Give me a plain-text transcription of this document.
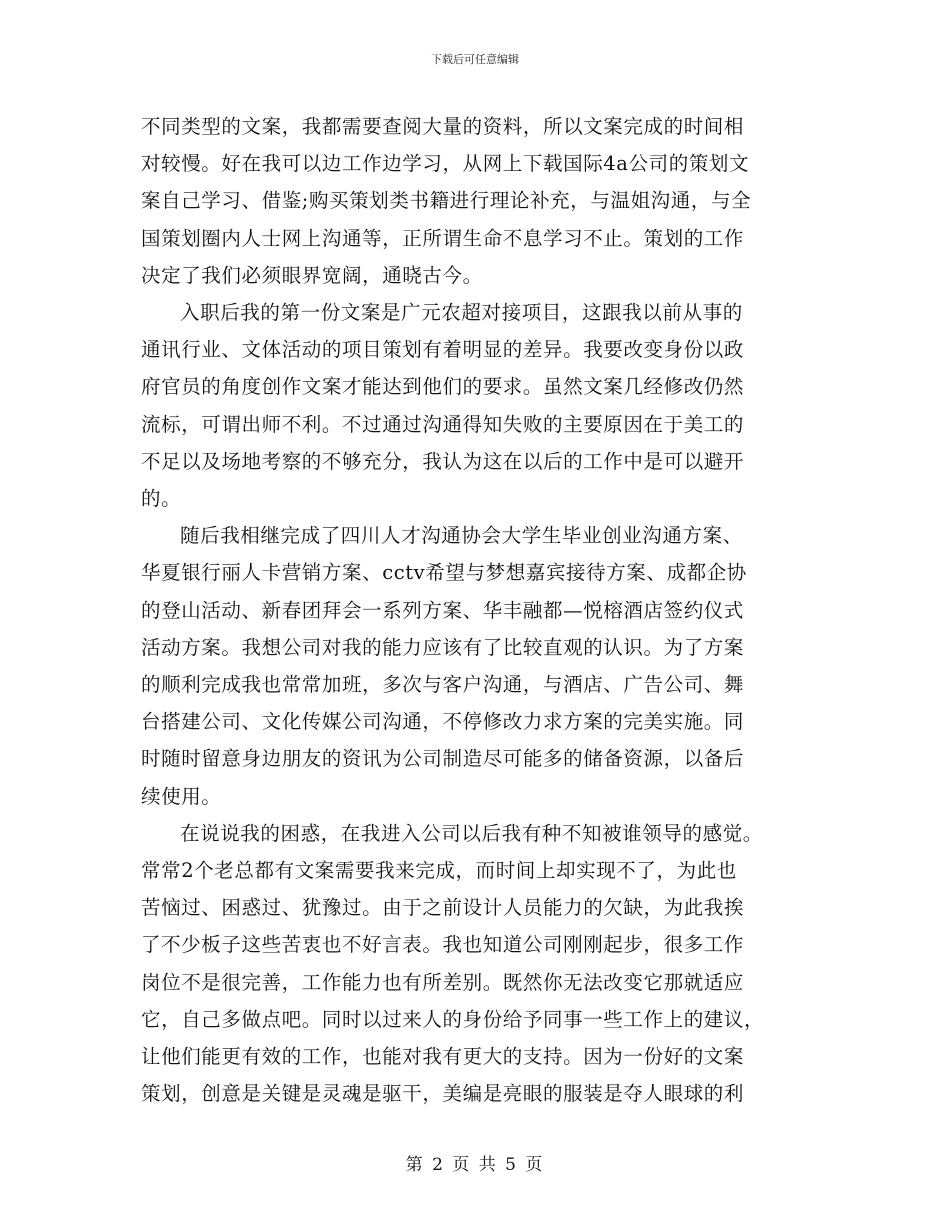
下载后可任意编辑

不同类型的文案，我都需要查阅大量的资料，所以文案完成的时间相
对较慢。好在我可以边工作边学习，从网上下载国际4a公司的策划文
案自己学习、借鉴;购买策划类书籍进行理论补充，与温姐沟通，与全
国策划圈内人士网上沟通等，正所谓生命不息学习不止。策划的工作
决定了我们必须眼界宽阔，通晓古今。

入职后我的第一份文案是广元农超对接项目，这跟我以前从事的
通讯行业、文体活动的项目策划有着明显的差异。我要改变身份以政
府官员的角度创作文案才能达到他们的要求。虽然文案几经修改仍然
流标，可谓出师不利。不过通过沟通得知失败的主要原因在于美工的
不足以及场地考察的不够充分，我认为这在以后的工作中是可以避开
的。

随后我相继完成了四川人才沟通协会大学生毕业创业沟通方案、
华夏银行丽人卡营销方案、cctv希望与梦想嘉宾接待方案、成都企协
的登山活动、新春团拜会一系列方案、华丰融都—悦榕酒店签约仪式
活动方案。我想公司对我的能力应该有了比较直观的认识。为了方案
的顺利完成我也常常加班，多次与客户沟通，与酒店、广告公司、舞
台搭建公司、文化传媒公司沟通，不停修改力求方案的完美实施。同
时随时留意身边朋友的资讯为公司制造尽可能多的储备资源，以备后
续使用。

在说说我的困惑，在我进入公司以后我有种不知被谁领导的感觉。
常常2个老总都有文案需要我来完成，而时间上却实现不了，为此也
苦恼过、困惑过、犹豫过。由于之前设计人员能力的欠缺，为此我挨
了不少板子这些苦衷也不好言表。我也知道公司刚刚起步，很多工作
岗位不是很完善，工作能力也有所差别。既然你无法改变它那就适应
它，自己多做点吧。同时以过来人的身份给予同事一些工作上的建议，
让他们能更有效的工作，也能对我有更大的支持。因为一份好的文案
策划，创意是关键是灵魂是驱干，美编是亮眼的服装是夺人眼球的利

第 2 页 共 5 页
